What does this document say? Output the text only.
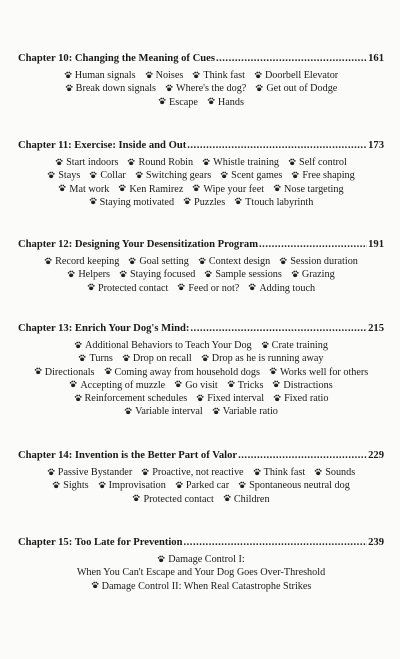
Chapter 10: Changing the Meaning of Cues .....	161
Human signals Noises Think fast Doorbell Elevator
Break down signals Where's the dog? Get out of Dodge
Escape Hands
Chapter 11: Exercise: Inside and Out .....	173
Start indoors Round Robin Whistle training Self control
Stays Collar Switching gears Scent games Free shaping
Mat work Ken Ramirez Wipe your feet Nose targeting
Staying motivated Puzzles Ttouch labyrinth
Chapter 12: Designing Your Desensitization Program .....	191
Record keeping Goal setting Context design Session duration
Helpers Staying focused Sample sessions Grazing
Protected contact Feed or not? Adding touch
Chapter 13: Enrich Your Dog's Mind: .....	215
Additional Behaviors to Teach Your Dog Crate training
Turns Drop on recall Drop as he is running away
Directionals Coming away from household dogs Works well for others
Accepting of muzzle Go visit Tricks Distractions
Reinforcement schedules Fixed interval Fixed ratio
Variable interval Variable ratio
Chapter 14: Invention is the Better Part of Valor .....	229
Passive Bystander Proactive, not reactive Think fast Sounds
Sights Improvisation Parked car Spontaneous neutral dog
Protected contact Children
Chapter 15: Too Late for Prevention .....	239
Damage Control I:
When You Can't Escape and Your Dog Goes Over-Threshold
Damage Control II: When Real Catastrophe Strikes
